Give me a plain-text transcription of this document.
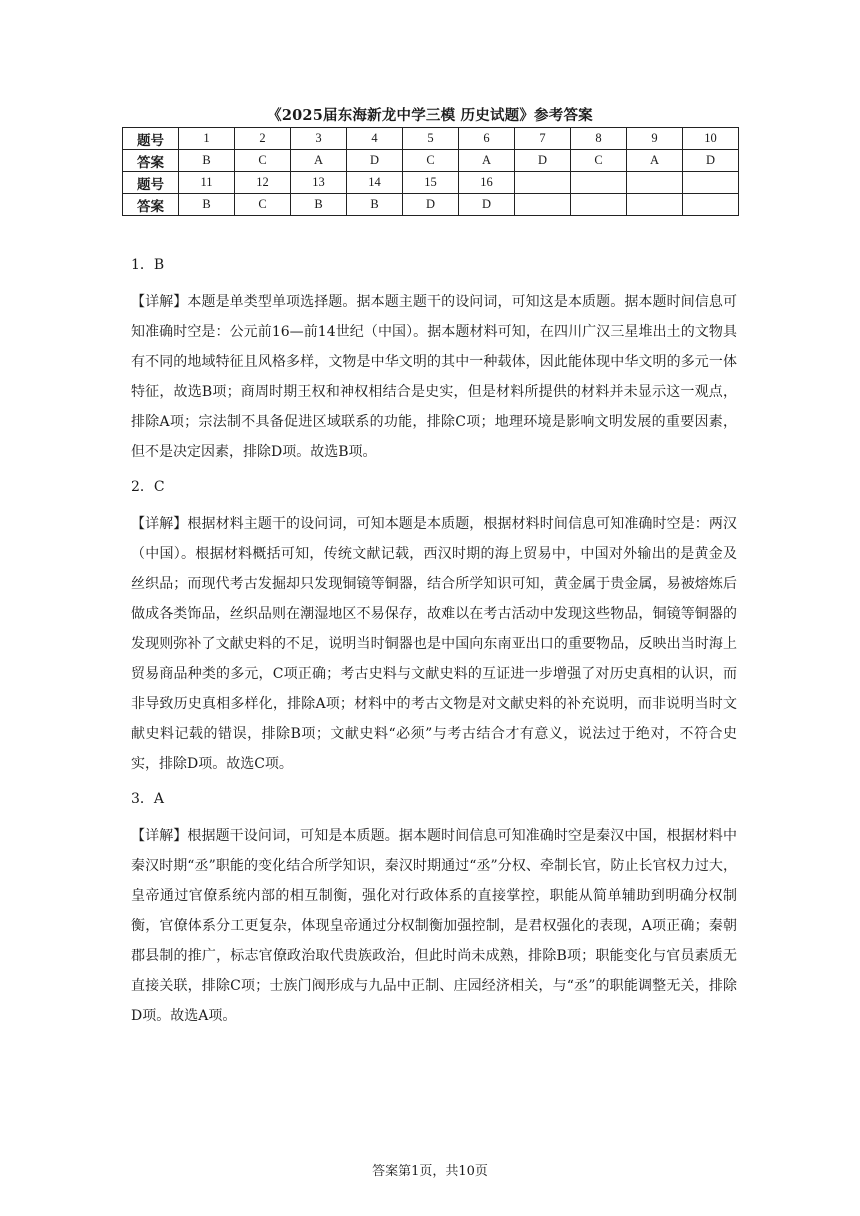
《2025届东海新龙中学三模 历史试题》参考答案
题号	1	2	3	4	5	6	7	8	9	10
答案	B	C	A	D	C	A	D	C	A	D
题号	11	12	13	14	15	16				
答案	B	C	B	B	D	D				
1．B
【详解】本题是单类型单项选择题。据本题主题干的设问词，可知这是本质题。据本题时间信息可知准确时空是：公元前16—前14世纪（中国）。据本题材料可知，在四川广汉三星堆出土的文物具有不同的地域特征且风格多样，文物是中华文明的其中一种载体，因此能体现中华文明的多元一体特征，故选B项；商周时期王权和神权相结合是史实，但是材料所提供的材料并未显示这一观点，排除A项；宗法制不具备促进区域联系的功能，排除C项；地理环境是影响文明发展的重要因素，但不是决定因素，排除D项。故选B项。
2．C
【详解】根据材料主题干的设问词，可知本题是本质题，根据材料时间信息可知准确时空是：两汉（中国）。根据材料概括可知，传统文献记载，西汉时期的海上贸易中，中国对外输出的是黄金及丝织品；而现代考古发掘却只发现铜镜等铜器，结合所学知识可知，黄金属于贵金属，易被熔炼后做成各类饰品，丝织品则在潮湿地区不易保存，故难以在考古活动中发现这些物品，铜镜等铜器的发现则弥补了文献史料的不足，说明当时铜器也是中国向东南亚出口的重要物品，反映出当时海上贸易商品种类的多元，C项正确；考古史料与文献史料的互证进一步增强了对历史真相的认识，而非导致历史真相多样化，排除A项；材料中的考古文物是对文献史料的补充说明，而非说明当时文献史料记载的错误，排除B项；文献史料“必须”与考古结合才有意义，说法过于绝对，不符合史实，排除D项。故选C项。
3．A
【详解】根据题干设问词，可知是本质题。据本题时间信息可知准确时空是秦汉中国，根据材料中秦汉时期“丞”职能的变化结合所学知识，秦汉时期通过“丞”分权、牵制长官，防止长官权力过大，皇帝通过官僚系统内部的相互制衡，强化对行政体系的直接掌控，职能从简单辅助到明确分权制衡，官僚体系分工更复杂，体现皇帝通过分权制衡加强控制，是君权强化的表现，A项正确；秦朝郡县制的推广，标志官僚政治取代贵族政治，但此时尚未成熟，排除B项；职能变化与官员素质无直接关联，排除C项；士族门阀形成与九品中正制、庄园经济相关，与“丞”的职能调整无关，排除D项。故选A项。
答案第1页，共10页
